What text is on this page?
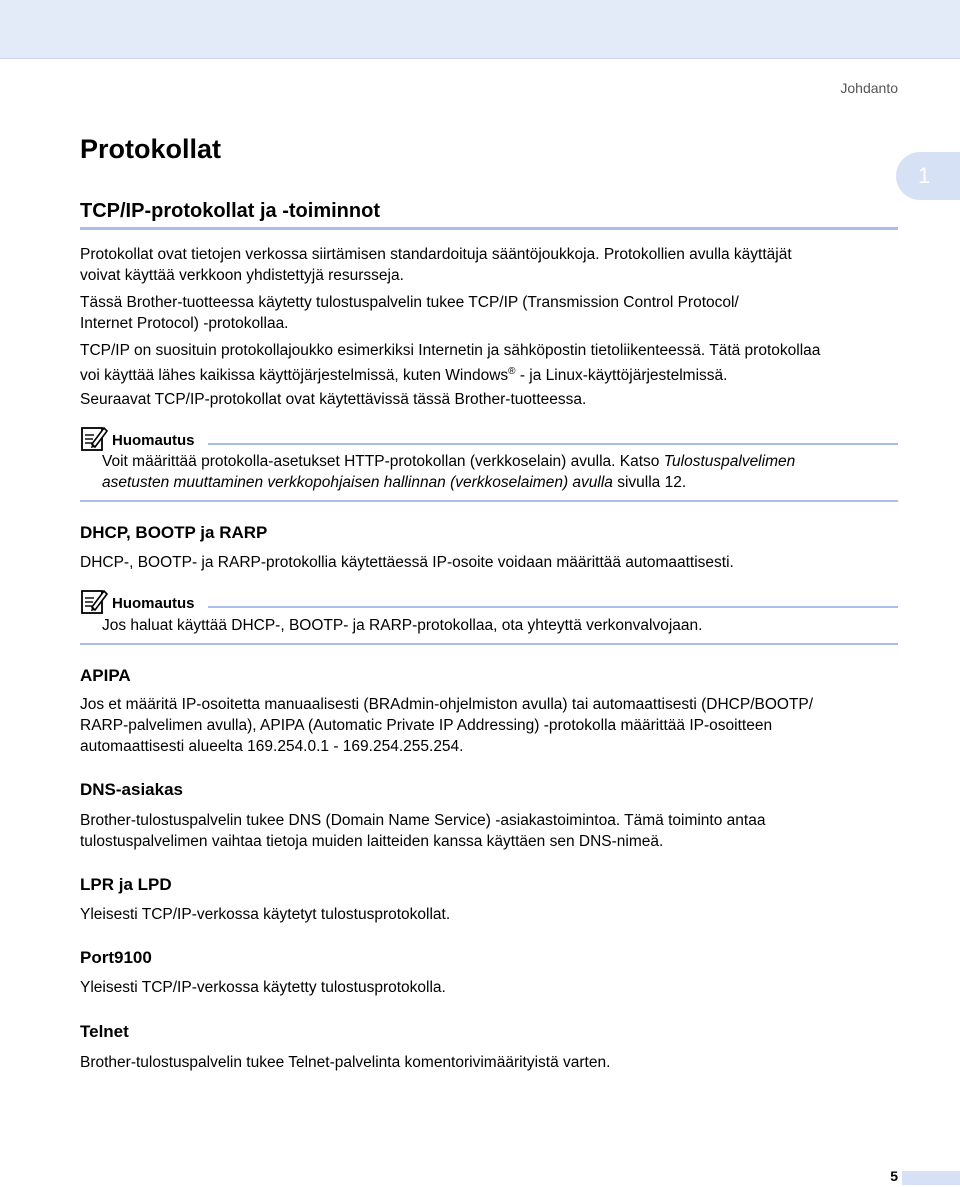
Johdanto
1
Protokollat
TCP/IP-protokollat ja -toiminnot

Protokollat ovat tietojen verkossa siirtämisen standardoituja sääntöjoukkoja. Protokollien avulla käyttäjät
voivat käyttää verkkoon yhdistettyjä resursseja.

Tässä Brother-tuotteessa käytetty tulostuspalvelin tukee TCP/IP (Transmission Control Protocol/
Internet Protocol) -protokollaa.

TCP/IP on suosituin protokollajoukko esimerkiksi Internetin ja sähköpostin tietoliikenteessä. Tätä protokollaa
voi käyttää lähes kaikissa käyttöjärjestelmissä, kuten Windows® - ja Linux-käyttöjärjestelmissä.

Seuraavat TCP/IP-protokollat ovat käytettävissä tässä Brother-tuotteessa.

Huomautus

Voit määrittää protokolla-asetukset HTTP-protokollan (verkkoselain) avulla. Katso Tulostuspalvelimen
asetusten muuttaminen verkkopohjaisen hallinnan (verkkoselaimen) avulla sivulla 12.

DHCP, BOOTP ja RARP

DHCP-, BOOTP- ja RARP-protokollia käytettäessä IP-osoite voidaan määrittää automaattisesti.

Huomautus

Jos haluat käyttää DHCP-, BOOTP- ja RARP-protokollaa, ota yhteyttä verkonvalvojaan.

APIPA

Jos et määritä IP-osoitetta manuaalisesti (BRAdmin-ohjelmiston avulla) tai automaattisesti (DHCP/BOOTP/
RARP-palvelimen avulla), APIPA (Automatic Private IP Addressing) -protokolla määrittää IP-osoitteen
automaattisesti alueelta 169.254.0.1 - 169.254.255.254.

DNS-asiakas

Brother-tulostuspalvelin tukee DNS (Domain Name Service) -asiakastoimintoa. Tämä toiminto antaa
tulostuspalvelimen vaihtaa tietoja muiden laitteiden kanssa käyttäen sen DNS-nimeä.

LPR ja LPD

Yleisesti TCP/IP-verkossa käytetyt tulostusprotokollat.

Port9100

Yleisesti TCP/IP-verkossa käytetty tulostusprotokolla.

Telnet

Brother-tulostuspalvelin tukee Telnet-palvelinta komentorivimäärityistä varten.

5
